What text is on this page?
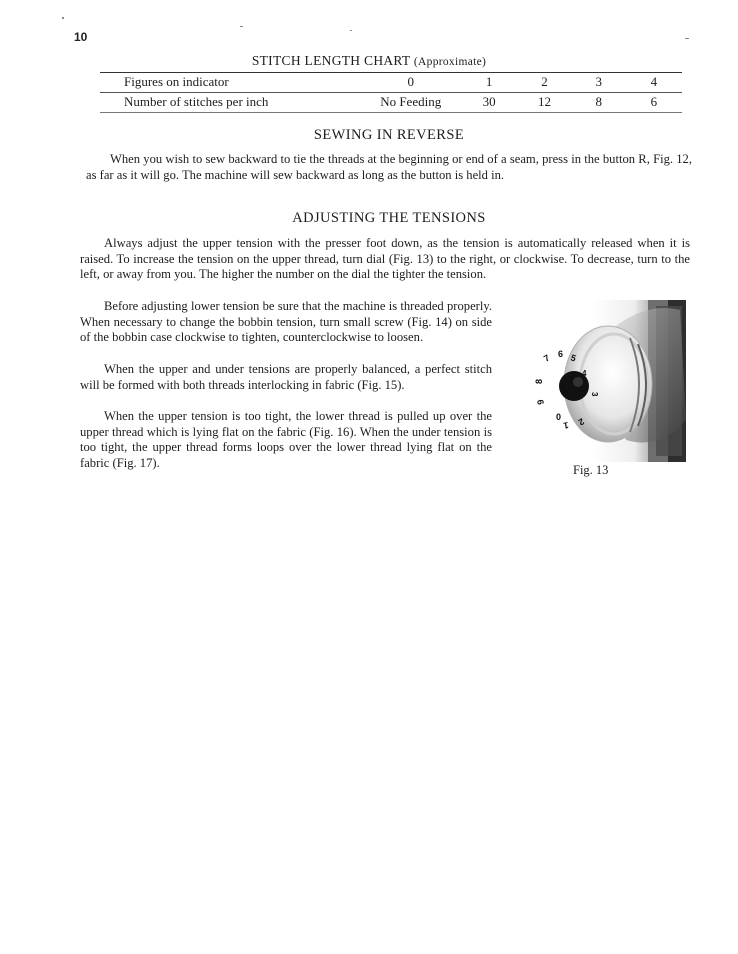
10
STITCH LENGTH CHART (Approximate)
Figures on indicator	0	1	2	3	4
Number of stitches per inch	No Feeding	30	12	8	6
SEWING IN REVERSE

When you wish to sew backward to tie the threads at the beginning or end of a seam, press in the button R, Fig. 12, as far as it will go. The machine will sew backward as long as the button is held in.

ADJUSTING THE TENSIONS

Always adjust the upper tension with the presser foot down, as the tension is automatically released when it is raised. To increase the tension on the upper thread, turn dial (Fig. 13) to the right, or clockwise. To decrease, turn to the left, or away from you. The higher the number on the dial the tighter the tension.

Before adjusting lower tension be sure that the machine is threaded properly. When necessary to change the bobbin tension, turn small screw (Fig. 14) on side of the bobbin case clockwise to tighten, counterclockwise to loosen.

When the upper and under tensions are properly balanced, a perfect stitch will be formed with both threads interlocking in fabric (Fig. 15).

When the upper tension is too tight, the lower thread is pulled up over the upper thread which is lying flat on the fabric (Fig. 16). When the under tension is too tight, the upper thread forms loops over the lower thread lying flat on the fabric (Fig. 17).

7 6 5
4
3
2
1
0
9
8
Fig. 13
